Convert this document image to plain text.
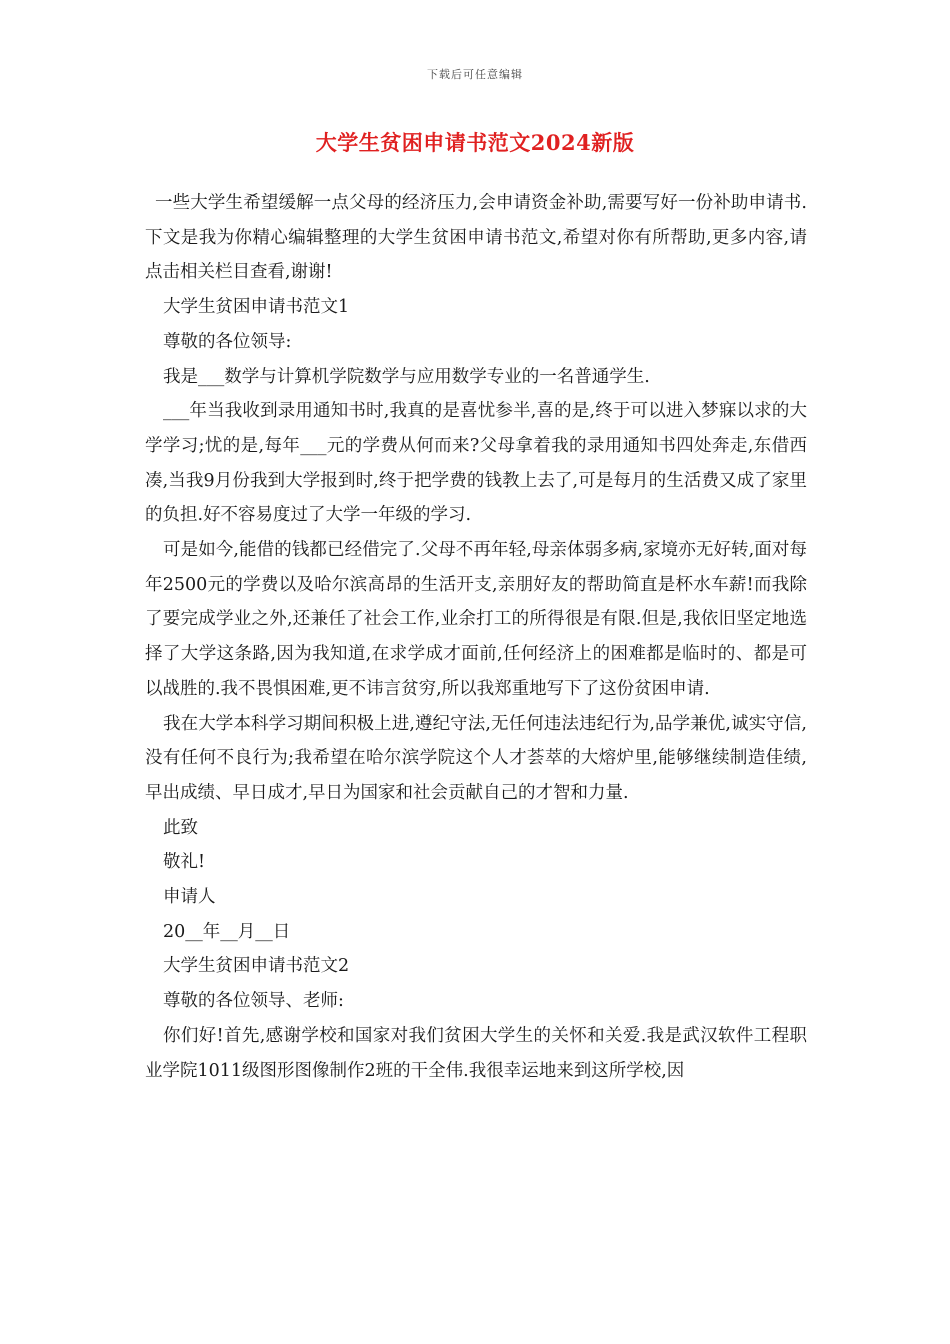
下载后可任意编辑
大学生贫困申请书范文2024新版

一些大学生希望缓解一点父母的经济压力,会申请资金补助,需要写好一份补助申请书.下文是我为你精心编辑整理的大学生贫困申请书范文,希望对你有所帮助,更多内容,请点击相关栏目查看,谢谢!

大学生贫困申请书范文1

尊敬的各位领导:

我是___数学与计算机学院数学与应用数学专业的一名普通学生.

___年当我收到录用通知书时,我真的是喜忧参半,喜的是,终于可以进入梦寐以求的大学学习;忧的是,每年___元的学费从何而来?父母拿着我的录用通知书四处奔走,东借西凑,当我9月份我到大学报到时,终于把学费的钱教上去了,可是每月的生活费又成了家里的负担.好不容易度过了大学一年级的学习.

可是如今,能借的钱都已经借完了.父母不再年轻,母亲体弱多病,家境亦无好转,面对每年2500元的学费以及哈尔滨高昂的生活开支,亲朋好友的帮助简直是杯水车薪!而我除了要完成学业之外,还兼任了社会工作,业余打工的所得很是有限.但是,我依旧坚定地选择了大学这条路,因为我知道,在求学成才面前,任何经济上的困难都是临时的、都是可以战胜的.我不畏惧困难,更不讳言贫穷,所以我郑重地写下了这份贫困申请.

我在大学本科学习期间积极上进,遵纪守法,无任何违法违纪行为,品学兼优,诚实守信,没有任何不良行为;我希望在哈尔滨学院这个人才荟萃的大熔炉里,能够继续制造佳绩,早出成绩、早日成才,早日为国家和社会贡献自己的才智和力量.

此致

敬礼!

申请人

20__年__月__日

大学生贫困申请书范文2

尊敬的各位领导、老师:

你们好!首先,感谢学校和国家对我们贫困大学生的关怀和关爱.我是武汉软件工程职业学院1011级图形图像制作2班的干全伟.我很幸运地来到这所学校,因
